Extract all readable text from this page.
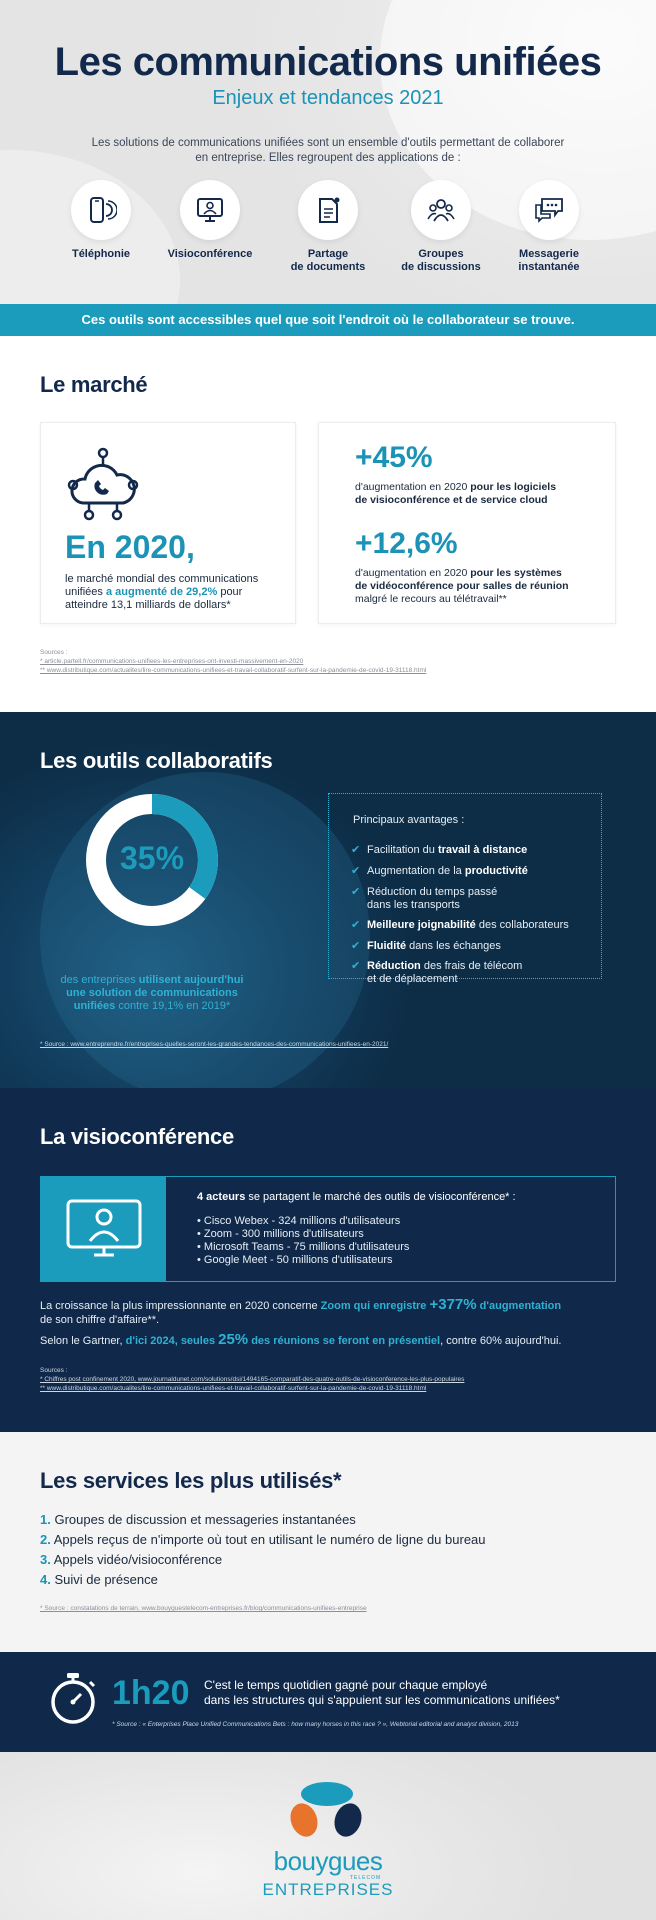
Les communications unifiées
Enjeux et tendances 2021
Les solutions de communications unifiées sont un ensemble d'outils permettant de collaborer
en entreprise. Elles regroupent des applications de :
Téléphonie	Visioconférence	Partage
de documents
Groupes
de discussions
Messagerie
instantanée
Ces outils sont accessibles quel que soit l'endroit où le collaborateur se trouve.
Le marché
En 2020,
le marché mondial des communications
unifiées a augmenté de 29,2% pour
atteindre 13,1 milliards de dollars*
+45%
d'augmentation en 2020 pour les logiciels
de visioconférence et de service cloud
+12,6%
d'augmentation en 2020 pour les systèmes
de vidéoconférence pour salles de réunion
malgré le recours au télétravail**
Sources :
* article.partell.fr/communications-unifiees-les-entreprises-ont-investi-massivement-en-2020
** www.distributique.com/actualites/lire-communications-unifiees-et-travail-collaboratif-surfent-sur-la-pandemie-de-covid-19-31118.html
Les outils collaboratifs
35%
des entreprises utilisent aujourd'hui
une solution de communications
unifiées contre 19,1% en 2019*
Principaux avantages :
✔ Facilitation du travail à distance
✔ Augmentation de la productivité
✔ Réduction du temps passé
dans les transports
✔ Meilleure joignabilité des collaborateurs
✔ Fluidité dans les échanges
✔ Réduction des frais de télécom
et de déplacement
* Source : www.entreprendre.fr/entreprises-quelles-seront-les-grandes-tendances-des-communications-unifiees-en-2021/
La visioconférence
4 acteurs se partagent le marché des outils de visioconférence* :
• Cisco Webex - 324 millions d'utilisateurs
• Zoom - 300 millions d'utilisateurs
• Microsoft Teams - 75 millions d'utilisateurs
• Google Meet - 50 millions d'utilisateurs
La croissance la plus impressionnante en 2020 concerne Zoom qui enregistre +377% d'augmentation
de son chiffre d'affaire**.
Selon le Gartner, d'ici 2024, seules 25% des réunions se feront en présentiel, contre 60% aujourd'hui.
Sources :
* Chiffres post confinement 2020, www.journaldunet.com/solutions/dsi/1494165-comparatif-des-quatre-outils-de-visioconference-les-plus-populaires
** www.distributique.com/actualites/lire-communications-unifiees-et-travail-collaboratif-surfent-sur-la-pandemie-de-covid-19-31118.html
Les services les plus utilisés*
1. Groupes de discussion et messageries instantanées
2. Appels reçus de n'importe où tout en utilisant le numéro de ligne du bureau
3. Appels vidéo/visioconférence
4. Suivi de présence
* Source : constatations de terrain, www.bouyguestelecom-entreprises.fr/blog/communications-unifiees-entreprise
1h20 C'est le temps quotidien gagné pour chaque employé
dans les structures qui s'appuient sur les communications unifiées*
* Source : « Enterprises Place Unified Communications Bets : how many horses in this race ? », Webtorial editorial and analyst division, 2013
bouygues
TELECOM
ENTREPRISES
